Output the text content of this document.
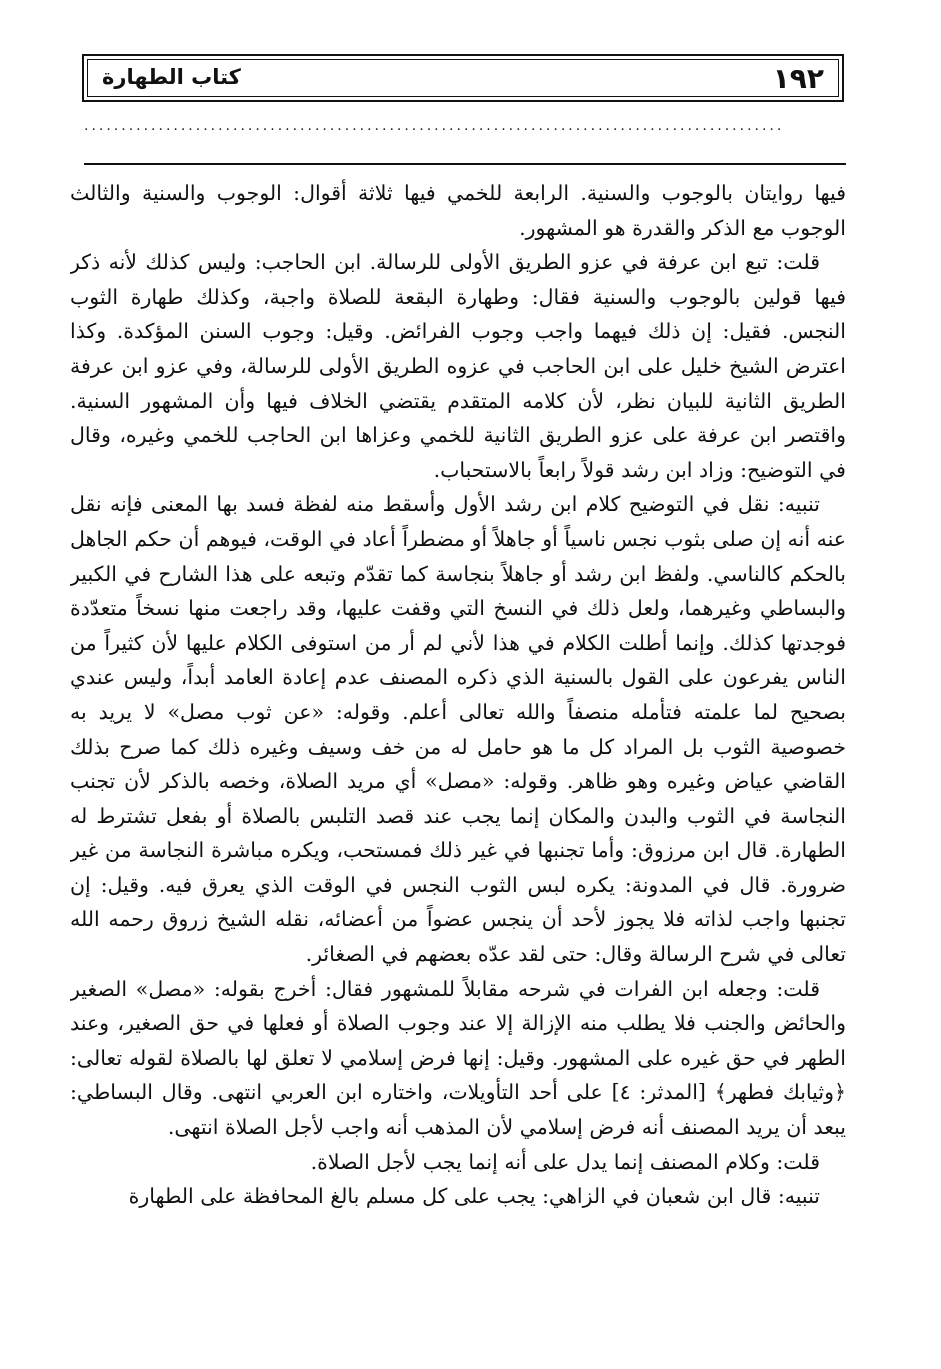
١٩٢
كتاب الطهارة
..............................................................................................

فيها روايتان بالوجوب والسنية. الرابعة للخمي فيها ثلاثة أقوال: الوجوب والسنية والثالث الوجوب مع الذكر والقدرة هو المشهور.

قلت: تبع ابن عرفة في عزو الطريق الأولى للرسالة. ابن الحاجب: وليس كذلك لأنه ذكر فيها قولين بالوجوب والسنية فقال: وطهارة البقعة للصلاة واجبة، وكذلك طهارة الثوب النجس. فقيل: إن ذلك فيهما واجب وجوب الفرائض. وقيل: وجوب السنن المؤكدة. وكذا اعترض الشيخ خليل على ابن الحاجب في عزوه الطريق الأولى للرسالة، وفي عزو ابن عرفة الطريق الثانية للبيان نظر، لأن كلامه المتقدم يقتضي الخلاف فيها وأن المشهور السنية. واقتصر ابن عرفة على عزو الطريق الثانية للخمي وعزاها ابن الحاجب للخمي وغيره، وقال في التوضيح: وزاد ابن رشد قولاً رابعاً بالاستحباب.

تنبيه: نقل في التوضيح كلام ابن رشد الأول وأسقط منه لفظة فسد بها المعنى فإنه نقل عنه أنه إن صلى بثوب نجس ناسياً أو جاهلاً أو مضطراً أعاد في الوقت، فيوهم أن حكم الجاهل بالحكم كالناسي. ولفظ ابن رشد أو جاهلاً بنجاسة كما تقدّم وتبعه على هذا الشارح في الكبير والبساطي وغيرهما، ولعل ذلك في النسخ التي وقفت عليها، وقد راجعت منها نسخاً متعدّدة فوجدتها كذلك. وإنما أطلت الكلام في هذا لأني لم أر من استوفى الكلام عليها لأن كثيراً من الناس يفرعون على القول بالسنية الذي ذكره المصنف عدم إعادة العامد أبداً، وليس عندي بصحيح لما علمته فتأمله منصفاً والله تعالى أعلم. وقوله: «عن ثوب مصل» لا يريد به خصوصية الثوب بل المراد كل ما هو حامل له من خف وسيف وغيره ذلك كما صرح بذلك القاضي عياض وغيره وهو ظاهر. وقوله: «مصل» أي مريد الصلاة، وخصه بالذكر لأن تجنب النجاسة في الثوب والبدن والمكان إنما يجب عند قصد التلبس بالصلاة أو بفعل تشترط له الطهارة. قال ابن مرزوق: وأما تجنبها في غير ذلك فمستحب، ويكره مباشرة النجاسة من غير ضرورة. قال في المدونة: يكره لبس الثوب النجس في الوقت الذي يعرق فيه. وقيل: إن تجنبها واجب لذاته فلا يجوز لأحد أن ينجس عضواً من أعضائه، نقله الشيخ زروق رحمه الله تعالى في شرح الرسالة وقال: حتى لقد عدّه بعضهم في الصغائر.

قلت: وجعله ابن الفرات في شرحه مقابلاً للمشهور فقال: أخرج بقوله: «مصل» الصغير والحائض والجنب فلا يطلب منه الإزالة إلا عند وجوب الصلاة أو فعلها في حق الصغير، وعند الطهر في حق غيره على المشهور. وقيل: إنها فرض إسلامي لا تعلق لها بالصلاة لقوله تعالى: ﴿وثيابك فطهر﴾ [المدثر: ٤] على أحد التأويلات، واختاره ابن العربي انتهى. وقال البساطي: يبعد أن يريد المصنف أنه فرض إسلامي لأن المذهب أنه واجب لأجل الصلاة انتهى.

قلت: وكلام المصنف إنما يدل على أنه إنما يجب لأجل الصلاة.

تنبيه: قال ابن شعبان في الزاهي: يجب على كل مسلم بالغ المحافظة على الطهارة
